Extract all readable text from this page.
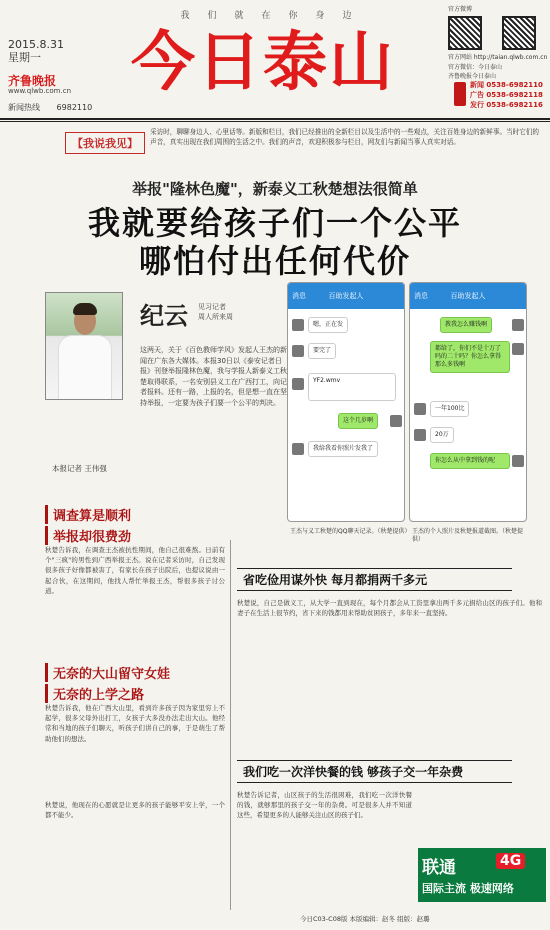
我们就在你身边
2015.8.31
星期一
齐鲁晚报
www.qlwb.com.cn
新闻热线 6982110
今日泰山
官方微博
官方网站 http://taian.qlwb.com.cn
官方微信：今日泰山
齐鲁晚报今日泰山
新闻 0538-6982110
广告 0538-6982118
发行 0538-6982116
【我说我见】
采访时，聊聊身边人、心里话等。新版和栏目，我们已经推出的全新栏目以及生活中的一些观点，关注百姓身边的新鲜事。当时它们的声音，真实出现在我们周围的生活之中。我们的声音，欢迎积极参与栏目，网友们与新闻当事人真实对话。
举报"隆林色魔"，新泰义工秋楚想法很简单
我就要给孩子们一个公平
哪怕付出任何代价
本报记者 王伟强
纪云 见习记者
周人所来周
这两天，关于《百色教师学风》发起人王杰的新闻在广东各大媒体。本报30日以《泰安记者日报》刊登举报隆林色魔，我与学报人新泰义工秋楚取得联系，一名安别县义工在广西打工，向记者报料。还有一路，上报的名，但是想一直在坚持举报，一定要为孩子们要一个公平的判决。
消息	百助发起人
嗯，正在发
要完了
YF2.wmv
这个几岁啊
我给我看你照片发我了
消息	百助发起人
教我怎么赚钱啊
都给了，你们不是十万了吗的二十吗？你怎么拿得那么多钱啊
一年100比
20万
你怎么从中拿到钱的呢
王杰与义工秋楚的QQ聊天记录。（秋楚提供） 王杰的个人照片及秋楚报道截图。（秋楚提供）
调查算是顺利
举报却很费劲
秋楚告诉我，在调查王杰被抗性期间，他自己很难熬。日前有个"三疯"的男性到广西举报王杰。说在记者采访时，自己发现很多孩子好像都被害了，有家长在孩子出院后，也提议说由一起合伙，在这期间，他找人帮忙举报王杰，帮很多孩子讨公道。
无奈的大山留守女娃
无奈的上学之路
秋楚告诉我，他在广西大山里，看到许多孩子因为家里穷上不起学，很多父母外出打工，女孩子大多没办法走出大山。他经常和当地的孩子们聊天，听孩子们讲自己的事，于是萌生了帮助他们的想法。
秋楚说，他现在的心愿就是让更多的孩子能够平安上学，一个都不能少。
省吃俭用谋外快 每月都捐两千多元
秋楚说，自己是做义工，从大学一直到现在，每个月都会从工资里拿出两千多元捐给山区的孩子们。他和妻子在生活上很节约，省下来的钱都用来帮助贫困孩子，多年来一直坚持。
我们吃一次洋快餐的钱 够孩子交一年杂费
秋楚告诉记者，山区孩子的生活很困难，我们吃一次洋快餐的钱，就够那里的孩子交一年的杂费。可是很多人并不知道这些，希望更多的人能够关注山区的孩子们。
联通	4G
国际主流 极速网络
今日C03-C08版 本版编辑：赵冬 组版：赵璐
